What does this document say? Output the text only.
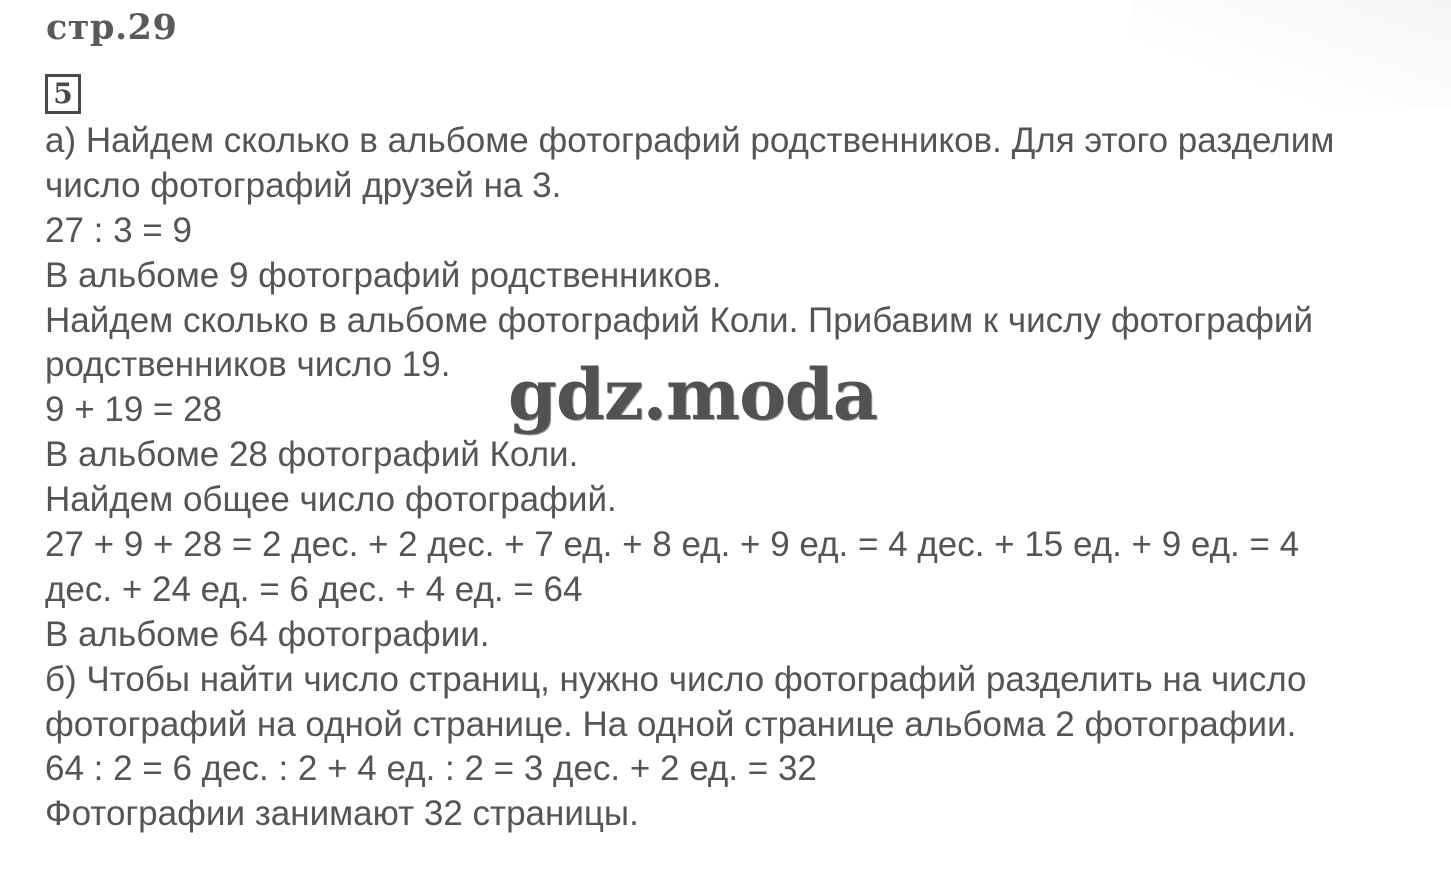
стр.29
5
а) Найдем сколько в альбоме фотографий родственников. Для этого разделим
число фотографий друзей на 3.
27 : 3 = 9
В альбоме 9 фотографий родственников.
Найдем сколько в альбоме фотографий Коли. Прибавим к числу фотографий
родственников число 19.
9 + 19 = 28
В альбоме 28 фотографий Коли.
Найдем общее число фотографий.
27 + 9 + 28 = 2 дес. + 2 дес. + 7 ед. + 8 ед. + 9 ед. = 4 дес. + 15 ед. + 9 ед. = 4
дес. + 24 ед. = 6 дес. + 4 ед. = 64
В альбоме 64 фотографии.
б) Чтобы найти число страниц, нужно число фотографий разделить на число
фотографий на одной странице. На одной странице альбома 2 фотографии.
64 : 2 = 6 дес. : 2 + 4 ед. : 2 = 3 дес. + 2 ед. = 32
Фотографии занимают 32 страницы.
gdz.moda
